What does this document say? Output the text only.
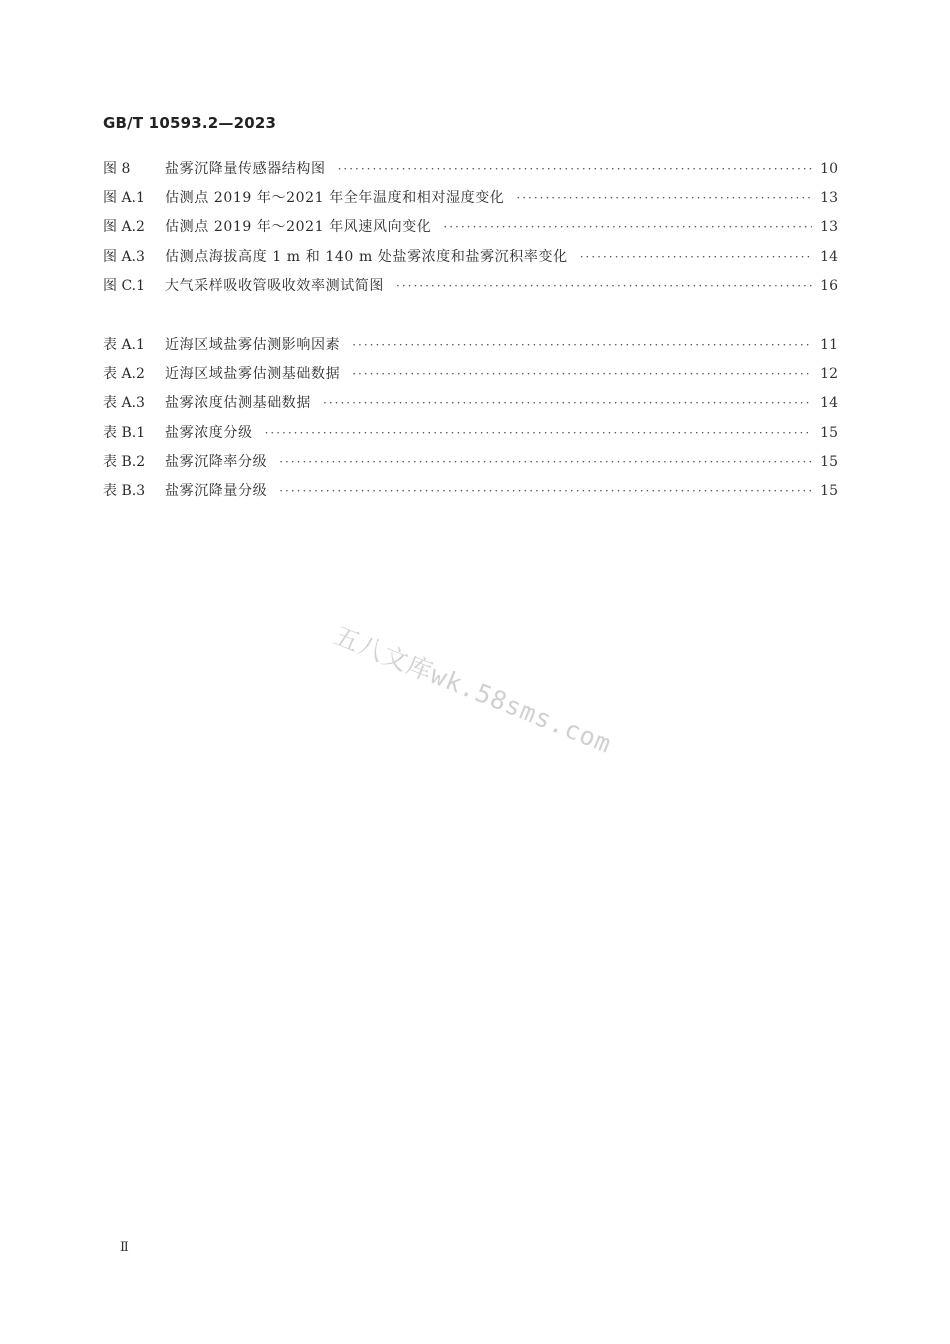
GB/T 10593.2—2023
图 8	盐雾沉降量传感器结构图 ·····	10
图 A.1	估测点 2019 年～2021 年全年温度和相对湿度变化 ·····	13
图 A.2	估测点 2019 年～2021 年风速风向变化 ·····	13
图 A.3	估测点海拔高度 1 m 和 140 m 处盐雾浓度和盐雾沉积率变化 ·····	14
图 C.1	大气采样吸收管吸收效率测试简图 ·····	16
表 A.1	近海区域盐雾估测影响因素 ·····	11
表 A.2	近海区域盐雾估测基础数据 ·····	12
表 A.3	盐雾浓度估测基础数据 ·····	14
表 B.1	盐雾浓度分级 ·····	15
表 B.2	盐雾沉降率分级 ·····	15
表 B.3	盐雾沉降量分级 ·····	15
五八文库wk.58sms.com
Ⅱ
